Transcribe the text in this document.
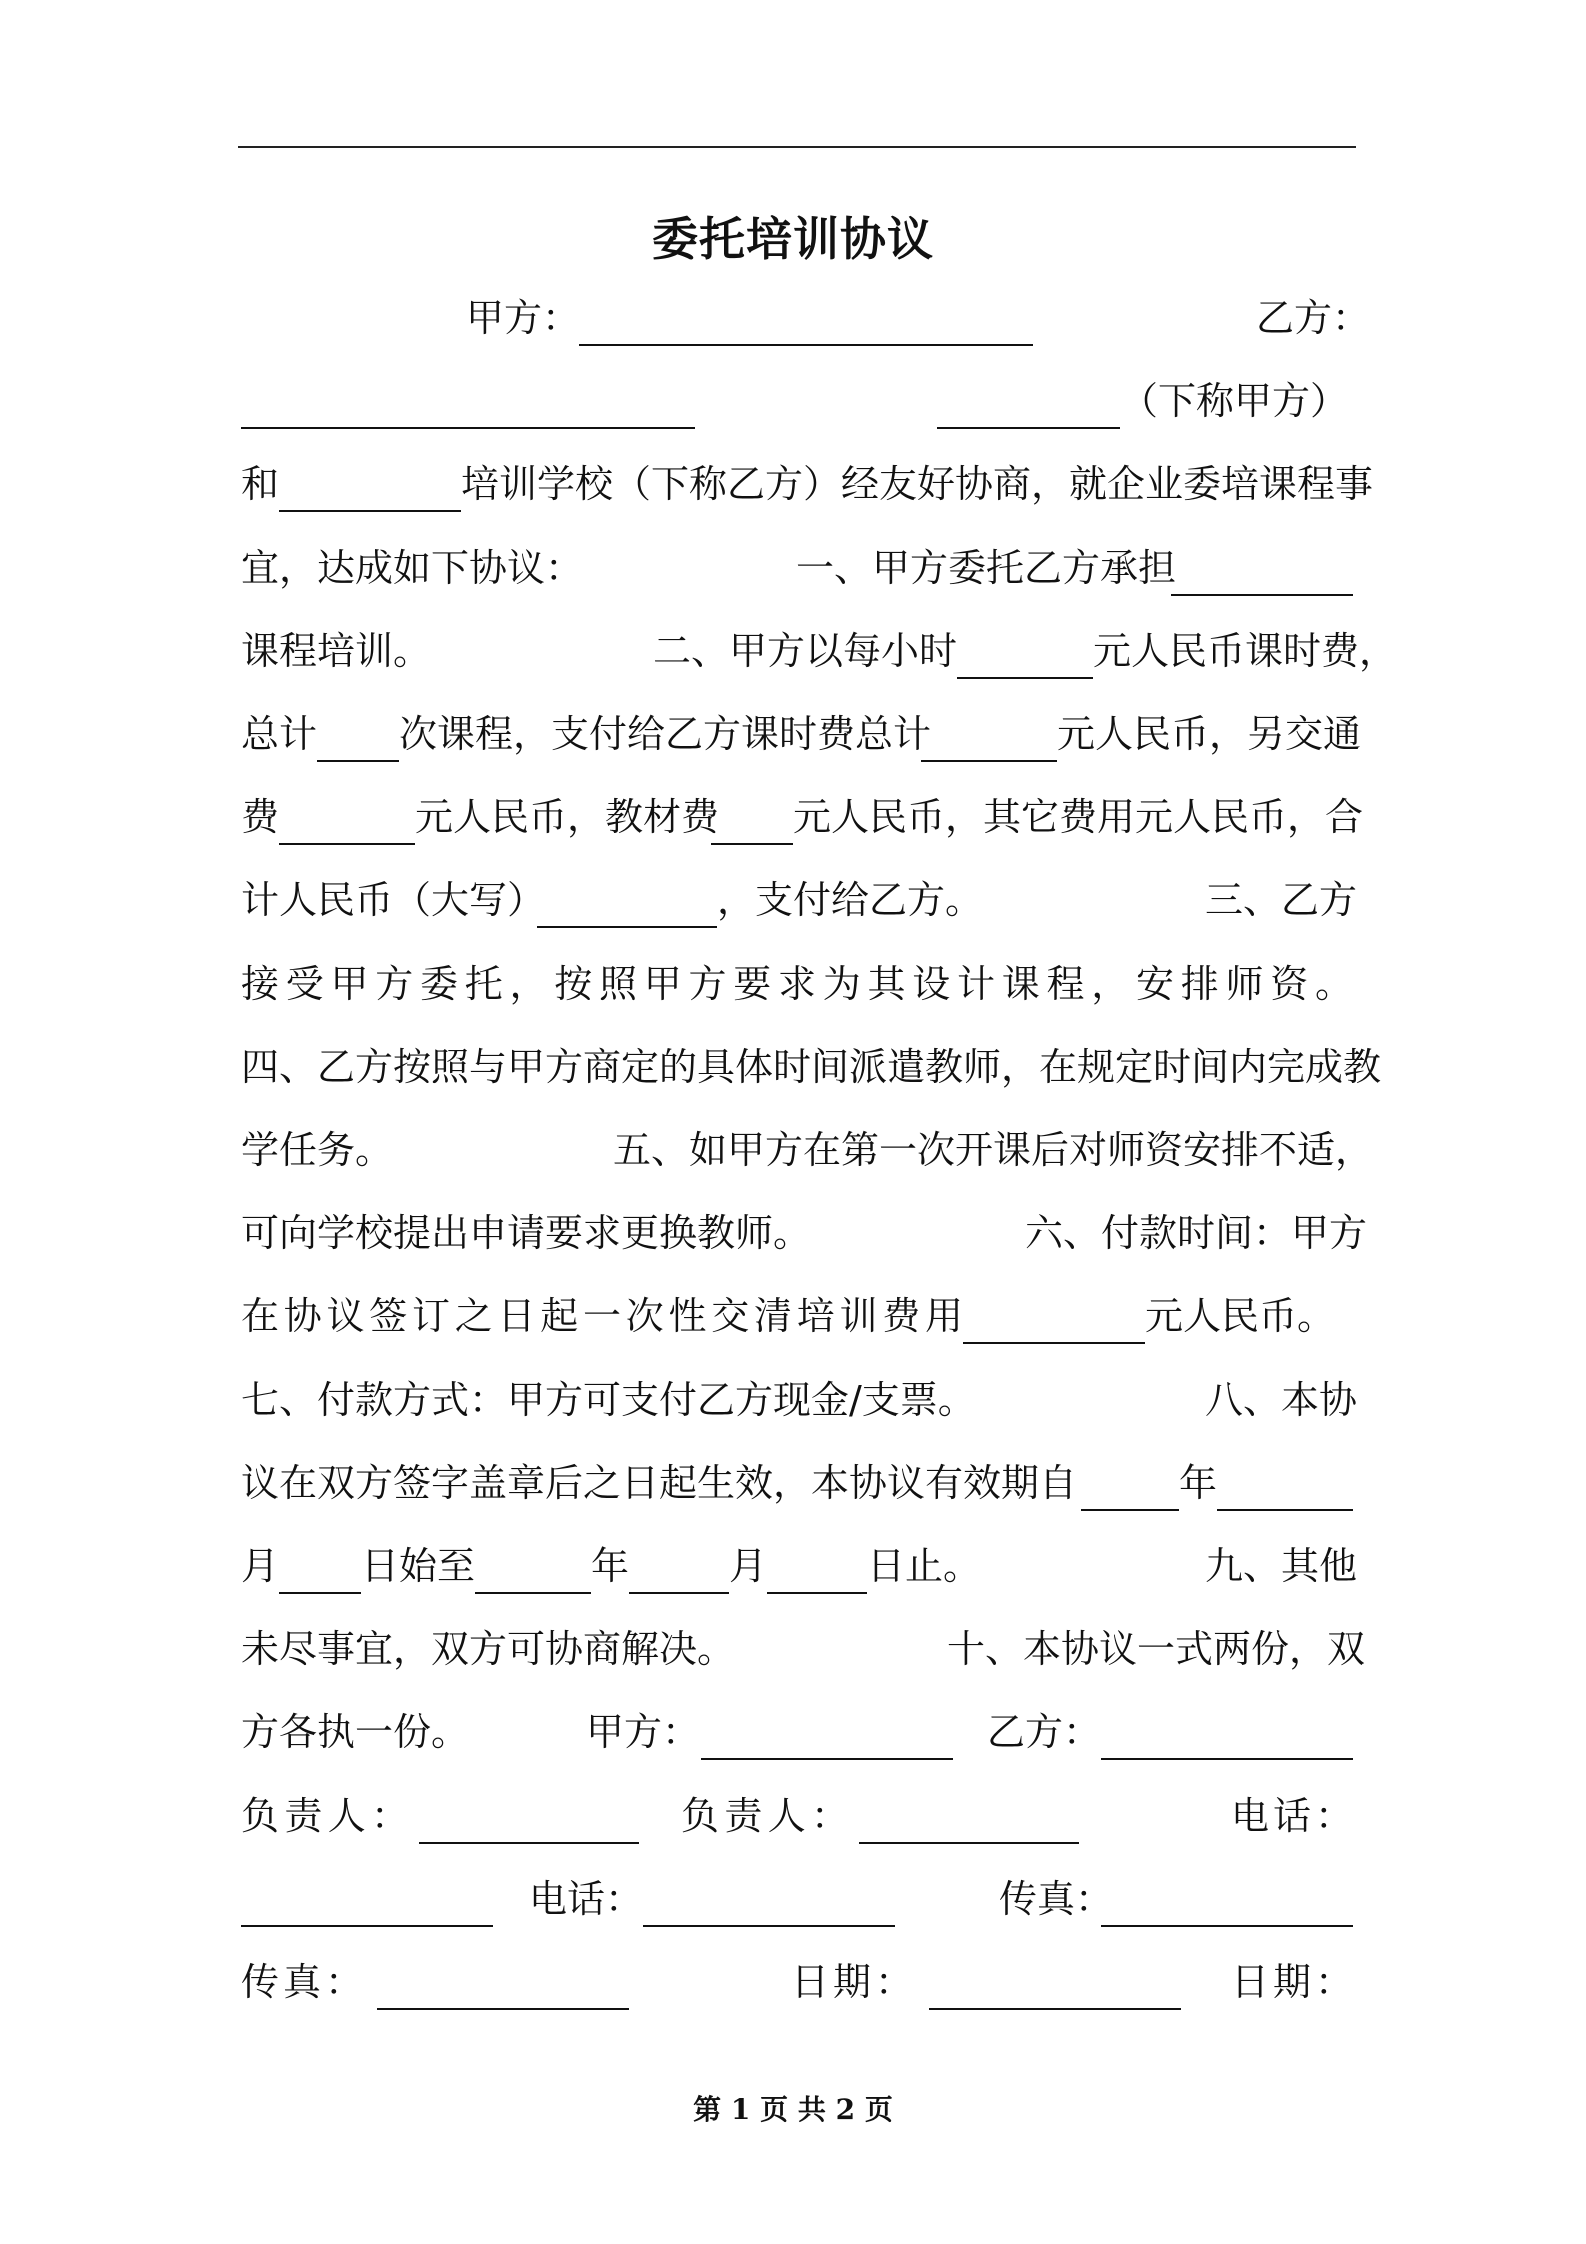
委托培训协议
甲方：	乙方：
（下称甲方）
和	培训学校（下称乙方）经友好协商，就企业委培课程事
宜，达成如下协议：	一、甲方委托乙方承担
课程培训。	二、甲方以每小时	元人民币课时费，
总计 次课程，支付给乙方课时费总计	元人民币，另交通
费	元人民币，教材费 元人民币，其它费用元人民币，合
计人民币（大写）	，支付给乙方。	三、乙方
接受甲方委托，按照甲方要求为其设计课程，安排师资。
四、乙方按照与甲方商定的具体时间派遣教师，在规定时间内完成教
学任务。	五、如甲方在第一次开课后对师资安排不适，
可向学校提出申请要求更换教师。	六、付款时间：甲方
在协议签订之日起一次性交清培训费用	元人民币。
七、付款方式：甲方可支付乙方现金/支票。	八、本协
议在双方签字盖章后之日起生效，本协议有效期自	年
月 日始至	年	月	日止。	九、其他
未尽事宜，双方可协商解决。	十、本协议一式两份，双
方各执一份。	甲方：	乙方：
负责人：	负责人：	电话：
电话：	传真：
传真：	日期：	日期：
第 1 页 共 2 页
